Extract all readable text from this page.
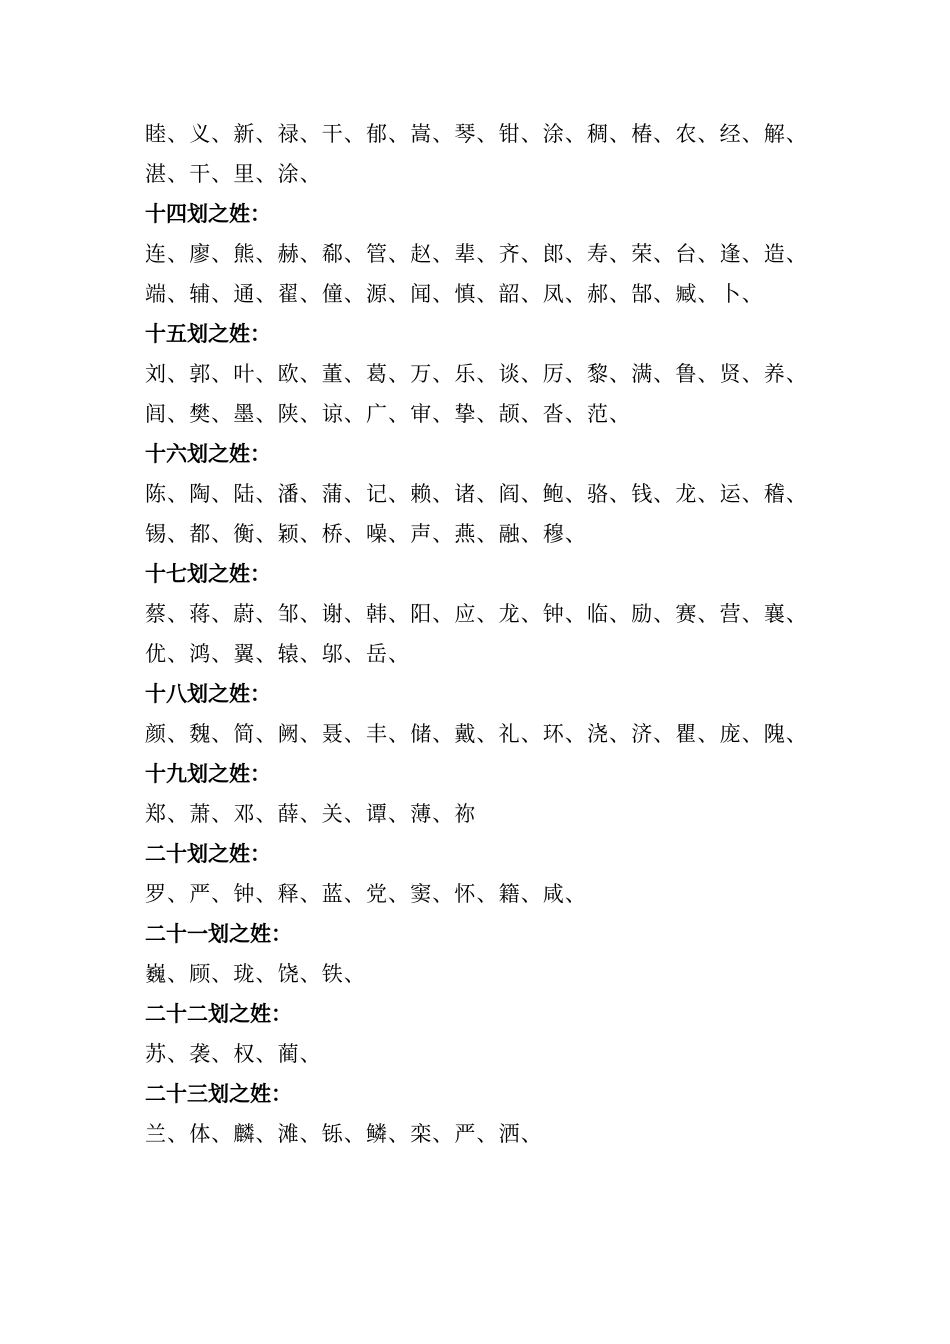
睦、义、新、禄、干、郁、嵩、琴、钳、涂、稠、椿、农、经、解、
湛、干、里、涂、
十四划之姓：
连、廖、熊、赫、郗、管、赵、辈、齐、郎、寿、荣、台、逢、造、
端、辅、通、翟、僮、源、闻、慎、韶、凤、郝、郜、臧、卜、
十五划之姓：
刘、郭、叶、欧、董、葛、万、乐、谈、厉、黎、满、鲁、贤、养、
闾、樊、墨、陕、谅、广、审、挚、颉、沓、范、
十六划之姓：
陈、陶、陆、潘、蒲、记、赖、诸、阎、鲍、骆、钱、龙、运、稽、
锡、都、衡、颖、桥、噪、声、燕、融、穆、
十七划之姓：
蔡、蒋、蔚、邹、谢、韩、阳、应、龙、钟、临、励、赛、营、襄、
优、鸿、翼、辕、邬、岳、
十八划之姓：
颜、魏、简、阙、聂、丰、储、戴、礼、环、浇、济、瞿、庞、隗、
十九划之姓：
郑、萧、邓、薛、关、谭、薄、祢
二十划之姓：
罗、严、钟、释、蓝、党、窦、怀、籍、咸、
二十一划之姓：
巍、顾、珑、饶、铁、
二十二划之姓：
苏、袭、权、蔺、
二十三划之姓：
兰、体、麟、滩、铄、鳞、栾、严、洒、
